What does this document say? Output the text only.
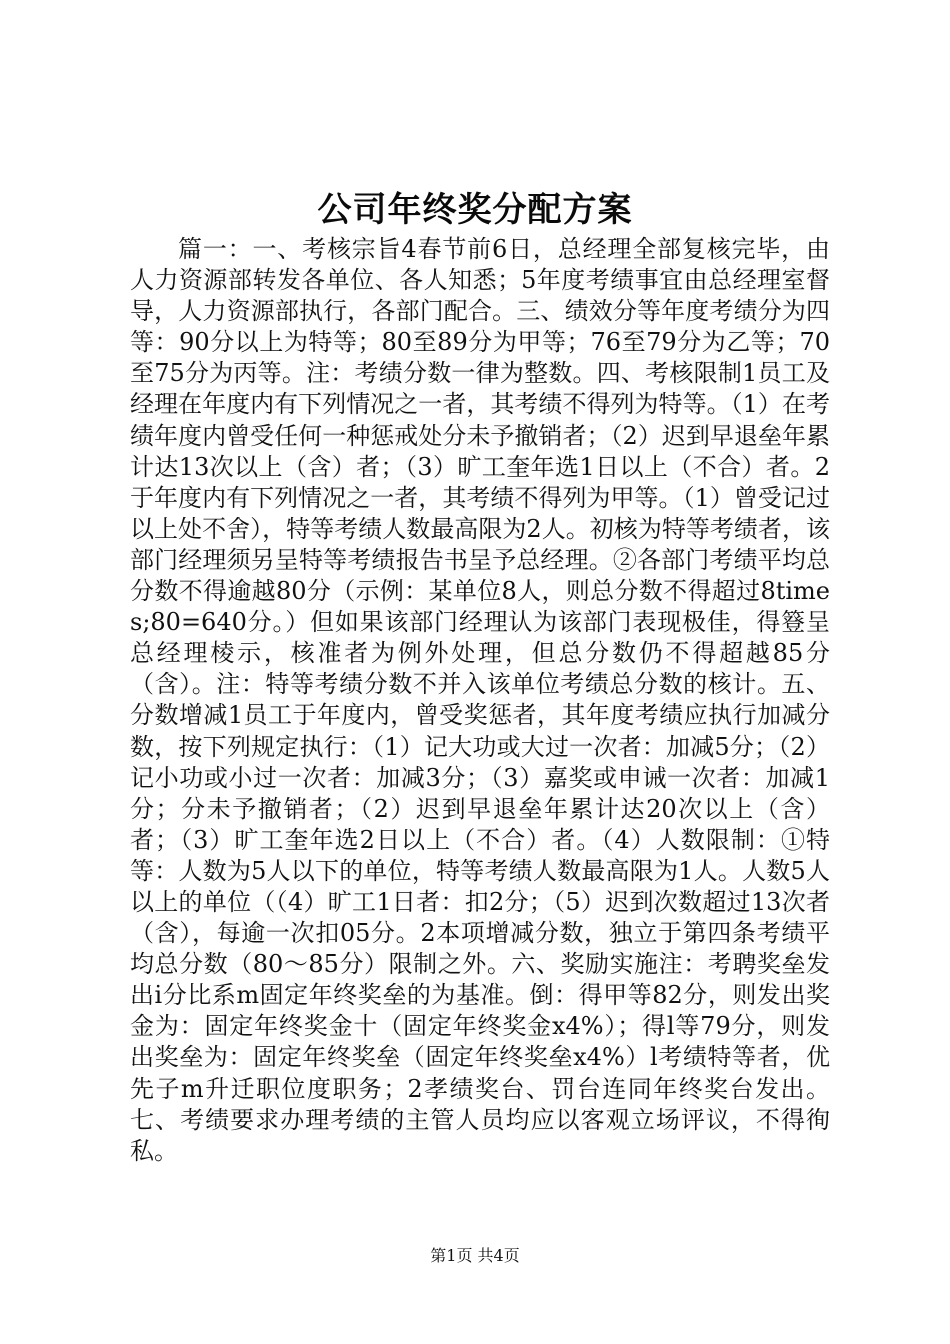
公司年终奖分配方案

篇一：一、考核宗旨4春节前6日，总经理全部复核完毕，由人力资源部转发各单位、各人知悉；5年度考绩事宜由总经理室督导，人力资源部执行，各部门配合。三、绩效分等年度考绩分为四等：90分以上为特等；80至89分为甲等；76至79分为乙等；70至75分为丙等。注：考绩分数一律为整数。四、考核限制1员工及经理在年度内有下列情况之一者，其考绩不得列为特等。（1）在考绩年度内曾受任何一种惩戒处分未予撤销者；（2）迟到早退垒年累计达13次以上（含）者；（3）旷工奎年选1日以上（不合）者。2于年度内有下列情况之一者，其考绩不得列为甲等。（1）曾受记过以上处不舍），特等考绩人数最高限为2人。初核为特等考绩者，该部门经理须另呈特等考绩报告书呈予总经理。②各部门考绩平均总分数不得逾越80分（示例：某单位8人，则总分数不得超过8times;80=640分。）但如果该部门经理认为该部门表现极佳，得簦呈总经理棱示，核准者为例外处理，但总分数仍不得超越85分（含）。注：特等考绩分数不并入该单位考绩总分数的核计。五、分数增减1员工于年度内，曾受奖惩者，其年度考绩应执行加减分数，按下列规定执行：（1）记大功或大过一次者：加减5分；（2）记小功或小过一次者：加减3分；（3）嘉奖或申诫一次者：加减1分；分未予撤销者；（2）迟到早退垒年累计达20次以上（含）者；（3）旷工奎年选2日以上（不合）者。（4）人数限制：①特等：人数为5人以下的单位，特等考绩人数最高限为1人。人数5人以上的单位（（4）旷工1日者：扣2分；（5）迟到次数超过13次者（含），每逾一次扣05分。2本项增减分数，独立于第四条考绩平均总分数（80～85分）限制之外。六、奖励实施注：考聘奖垒发出i分比系m固定年终奖垒的为基准。倒：得甲等82分，则发出奖金为：固定年终奖金十（固定年终奖金x4%）；得l等79分，则发出奖垒为：固定年终奖垒（固定年终奖垒x4%）l考绩特等者，优先子m升迁职位度职务；2孝绩奖台、罚台连同年终奖台发出。七、考绩要求办理考绩的主管人员均应以客观立场评议，不得徇私。

第1页 共4页
